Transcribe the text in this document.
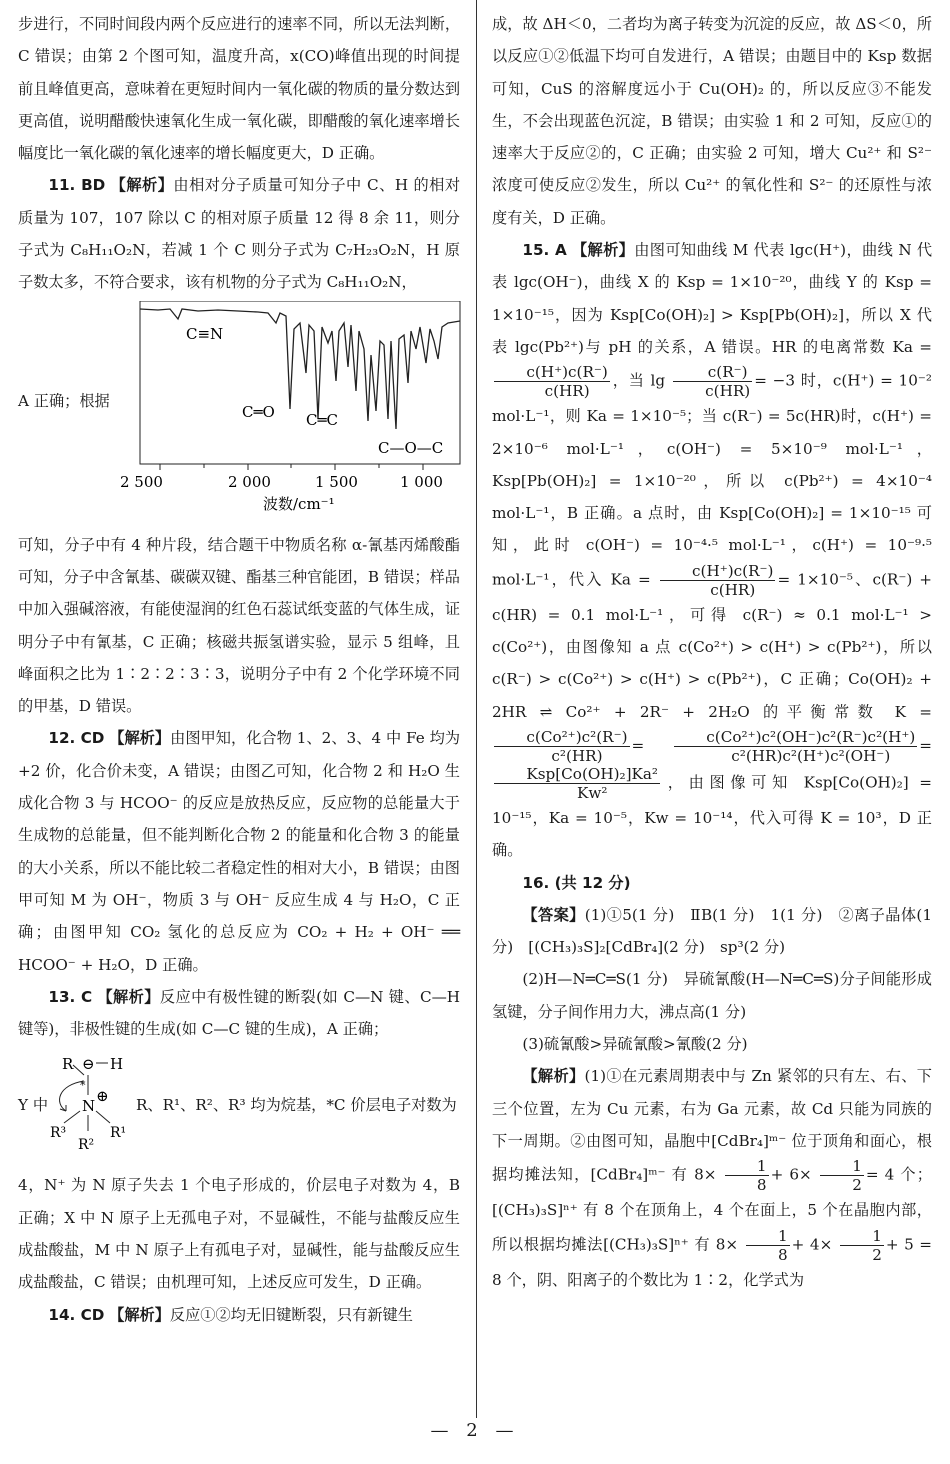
步进行，不同时间段内两个反应进行的速率不同，所以无法判断，C 错误；由第 2 个图可知，温度升高，x(CO)峰值出现的时间提前且峰值更高，意味着在更短时间内一氧化碳的物质的量分数达到更高值，说明醋酸快速氧化生成一氧化碳，即醋酸的氧化速率增长幅度比一氧化碳的氧化速率的增长幅度更大，D 正确。

11. BD 【解析】由相对分子质量可知分子中 C、H 的相对质量为 107，107 除以 C 的相对原子质量 12 得 8 余 11，则分子式为 C₈H₁₁O₂N，若减 1 个 C 则分子式为 C₇H₂₃O₂N，H 原子数太多，不符合要求，该有机物的分子式为 C₈H₁₁O₂N，

A 正确；根据
C≡N
C═O C═C
C—O—C
2 500	2 000	1 500	1 000
波数/cm⁻¹

可知，分子中有 4 种片段，结合题干中物质名称 α-氰基丙烯酸酯可知，分子中含氰基、碳碳双键、酯基三种官能团，B 错误；样品中加入强碱溶液，有能使湿润的红色石蕊试纸变蓝的气体生成，证明分子中有氰基，C 正确；核磁共振氢谱实验，显示 5 组峰，且峰面积之比为 1∶2∶2∶3∶3，说明分子中有 2 个化学环境不同的甲基，D 错误。

12. CD 【解析】由图甲知，化合物 1、2、3、4 中 Fe 均为 +2 价，化合价未变，A 错误；由图乙可知，化合物 2 和 H₂O 生成化合物 3 与 HCOO⁻ 的反应是放热反应，反应物的总能量大于生成物的总能量，但不能判断化合物 2 的能量和化合物 3 的能量的大小关系，所以不能比较二者稳定性的相对大小，B 错误；由图甲可知 M 为 OH⁻，物质 3 与 OH⁻ 反应生成 4 与 H₂O，C 正确；由图甲知 CO₂ 氢化的总反应为 CO₂ + H₂ + OH⁻ ══ HCOO⁻ + H₂O，D 正确。

13. C 【解析】反应中有极性键的断裂(如 C—N 键、C—H 键等)，非极性键的生成(如 C—C 键的生成)，A 正确；

Y 中
R ⊖ H
*
N
⊕
R¹
R²
R³
R、R¹、R²、R³ 均为烷基，*C 价层电子对数为

4，N⁺ 为 N 原子失去 1 个电子形成的，价层电子对数为 4，B 正确；X 中 N 原子上无孤电子对，不显碱性，不能与盐酸反应生成盐酸盐，M 中 N 原子上有孤电子对，显碱性，能与盐酸反应生成盐酸盐，C 错误；由机理可知，上述反应可发生，D 正确。

14. CD 【解析】反应①②均无旧键断裂，只有新键生

成，故 ΔH＜0，二者均为离子转变为沉淀的反应，故 ΔS＜0，所以反应①②低温下均可自发进行，A 错误；由题目中的 Ksp 数据可知，CuS 的溶解度远小于 Cu(OH)₂ 的，所以反应③不能发生，不会出现蓝色沉淀，B 错误；由实验 1 和 2 可知，反应①的速率大于反应②的，C 正确；由实验 2 可知，增大 Cu²⁺ 和 S²⁻ 浓度可使反应②发生，所以 Cu²⁺ 的氧化性和 S²⁻ 的还原性与浓度有关，D 正确。

15. A 【解析】由图可知曲线 M 代表 lgc(H⁺)，曲线 N 代表 lgc(OH⁻)，曲线 X 的 Ksp = 1×10⁻²⁰，曲线 Y 的 Ksp = 1×10⁻¹⁵，因为 Ksp[Co(OH)₂] > Ksp[Pb(OH)₂]，所以 X 代表 lgc(Pb²⁺)与 pH 的关系，A 错误。HR 的电离常数 Ka =
$\frac{c(H^+)c(R^-)}{c(HR)}$ ，当 $\lg \frac{c(R^-)}{c(HR)} = -3$ 时，c(H⁺) = 10⁻² mol·L⁻¹，则 Ka = 1×10⁻⁵；当 c(R⁻) = 5c(HR)时，c(H⁺) = 2×10⁻⁶ mol·L⁻¹，c(OH⁻) = 5×10⁻⁹ mol·L⁻¹，Ksp[Pb(OH)₂] = 1×10⁻²⁰，所以 c(Pb²⁺) = 4×10⁻⁴ mol·L⁻¹，B 正确。a 点时，由 Ksp[Co(OH)₂] = 1×10⁻¹⁵ 可知，此时 c(OH⁻) = 10⁻⁴·⁵ mol·L⁻¹，c(H⁺) = 10⁻⁹·⁵ mol·L⁻¹，代入 $Ka = \frac{c(H^+)c(R^-)}{c(HR)} = 1\times 10^{-5}$、c(R⁻) + c(HR) = 0.1 mol·L⁻¹，可得 c(R⁻) ≈ 0.1 mol·L⁻¹ > c(Co²⁺)，由图像知 a 点 c(Co²⁺) > c(H⁺) > c(Pb²⁺)，所以 c(R⁻) > c(Co²⁺) > c(H⁺) > c(Pb²⁺)，C 正确；Co(OH)₂ + 2HR ⇌ Co²⁺ + 2R⁻ + 2H₂O 的平衡常数 K =
$\frac{\text{c(Co²⁺)c²(R⁻)}}{\text{c²(HR)}} = \frac{\text{c(Co²⁺)c²(OH⁻)c²(R⁻)c²(H⁺)}}{\text{c²(HR)c²(H⁺)c²(OH⁻)}}$ =
$\frac{\text{Ksp[Co(OH)₂]Ka²}}{\text{Kw²}}$ ，由图像可知 Ksp[Co(OH)₂] = 10⁻¹⁵，Ka = 10⁻⁵，Kw = 10⁻¹⁴，代入可得 K = 10³，D 正确。

16. (共 12 分)

【答案】(1)①5(1 分)　ⅡB(1 分)　1(1 分)　②离子晶体(1 分)　[(CH₃)₃S]₂[CdBr₄](2 分)　sp³(2 分)

(2)H—N═C═S(1 分)　异硫氰酸(H—N═C═S)分子间能形成氢键，分子间作用力大，沸点高(1 分)

(3)硫氰酸>异硫氰酸>氰酸(2 分)

【解析】(1)①在元素周期表中与 Zn 紧邻的只有左、右、下三个位置，左为 Cu 元素，右为 Ga 元素，故 Cd 只能为同族的下一周期。②由图可知，晶胞中[CdBr₄]ᵐ⁻ 位于顶角和面心，根据均摊法知，[CdBr₄]ᵐ⁻ 有 $8\times \frac{1}{8} + 6\times \frac{1}{2} = 4$ 个；[(CH₃)₃S]ⁿ⁺ 有 8 个在顶角上，4 个在面上，5 个在晶胞内部，所以根据均摊法[(CH₃)₃S]ⁿ⁺ 有 $8\times \frac{1}{8} + 4\times \frac{1}{2} + 5 = 8$ 个，阴、阳离子的个数比为 1∶2，化学式为

— 2 —
